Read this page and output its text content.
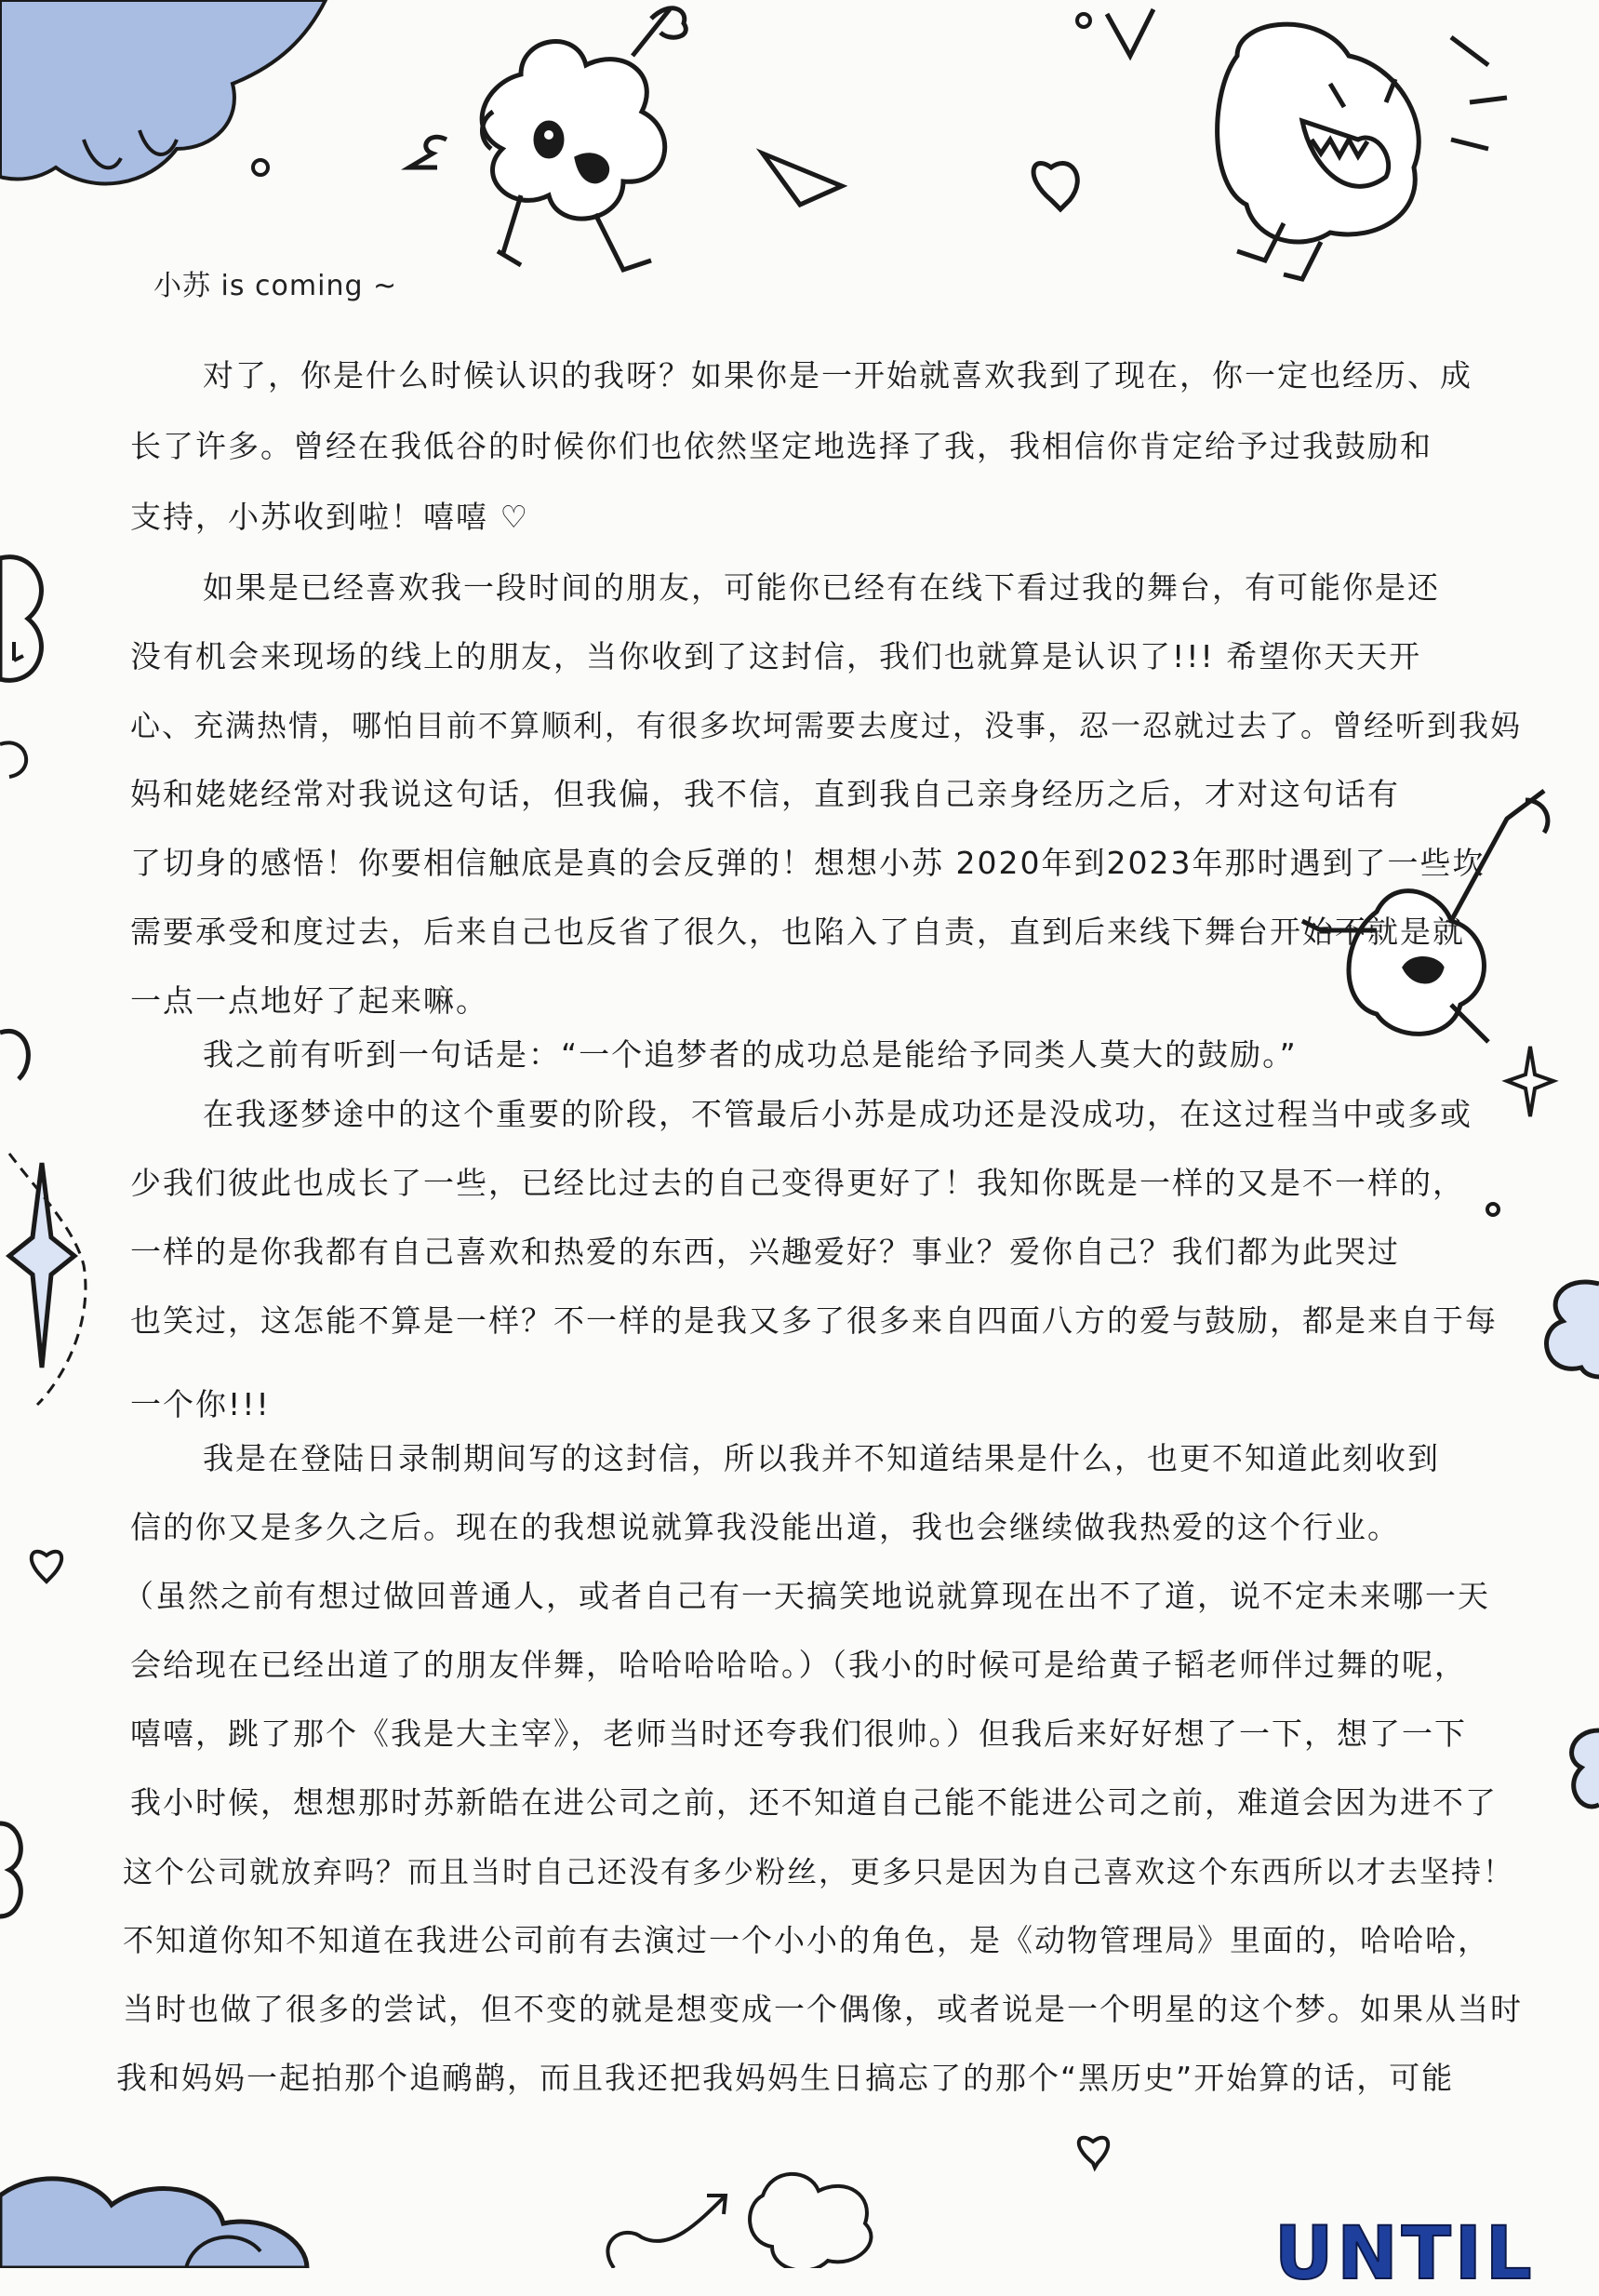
小苏 is coming ~
对了，你是什么时候认识的我呀？如果你是一开始就喜欢我到了现在，你一定也经历、成
长了许多。曾经在我低谷的时候你们也依然坚定地选择了我，我相信你肯定给予过我鼓励和
支持，小苏收到啦！嘻嘻 ♡
如果是已经喜欢我一段时间的朋友，可能你已经有在线下看过我的舞台，有可能你是还
没有机会来现场的线上的朋友，当你收到了这封信，我们也就算是认识了!!! 希望你天天开
心、充满热情，哪怕目前不算顺利，有很多坎坷需要去度过，没事，忍一忍就过去了。曾经听到我妈
妈和姥姥经常对我说这句话，但我偏，我不信，直到我自己亲身经历之后，才对这句话有
了切身的感悟！你要相信触底是真的会反弹的！想想小苏 2020年到2023年那时遇到了一些坎
需要承受和度过去，后来自己也反省了很久，也陷入了自责，直到后来线下舞台开始不就是就
一点一点地好了起来嘛。
我之前有听到一句话是：“一个追梦者的成功总是能给予同类人莫大的鼓励。”
在我逐梦途中的这个重要的阶段，不管最后小苏是成功还是没成功，在这过程当中或多或
少我们彼此也成长了一些，已经比过去的自己变得更好了！我知你既是一样的又是不一样的，
一样的是你我都有自己喜欢和热爱的东西，兴趣爱好？事业？爱你自己？我们都为此哭过
也笑过，这怎能不算是一样？不一样的是我又多了很多来自四面八方的爱与鼓励，都是来自于每
一个你!!!
我是在登陆日录制期间写的这封信，所以我并不知道结果是什么，也更不知道此刻收到
信的你又是多久之后。现在的我想说就算我没能出道，我也会继续做我热爱的这个行业。
（虽然之前有想过做回普通人，或者自己有一天搞笑地说就算现在出不了道，说不定未来哪一天
会给现在已经出道了的朋友伴舞，哈哈哈哈哈。）（我小的时候可是给黄子韬老师伴过舞的呢，
嘻嘻，跳了那个《我是大主宰》，老师当时还夸我们很帅。）但我后来好好想了一下，想了一下
我小时候，想想那时苏新皓在进公司之前，还不知道自己能不能进公司之前，难道会因为进不了
这个公司就放弃吗？而且当时自己还没有多少粉丝，更多只是因为自己喜欢这个东西所以才去坚持！
不知道你知不知道在我进公司前有去演过一个小小的角色，是《动物管理局》里面的，哈哈哈，
当时也做了很多的尝试，但不变的就是想变成一个偶像，或者说是一个明星的这个梦。如果从当时
我和妈妈一起拍那个追鸸鹋，而且我还把我妈妈生日搞忘了的那个“黑历史”开始算的话，可能
UNTIL
